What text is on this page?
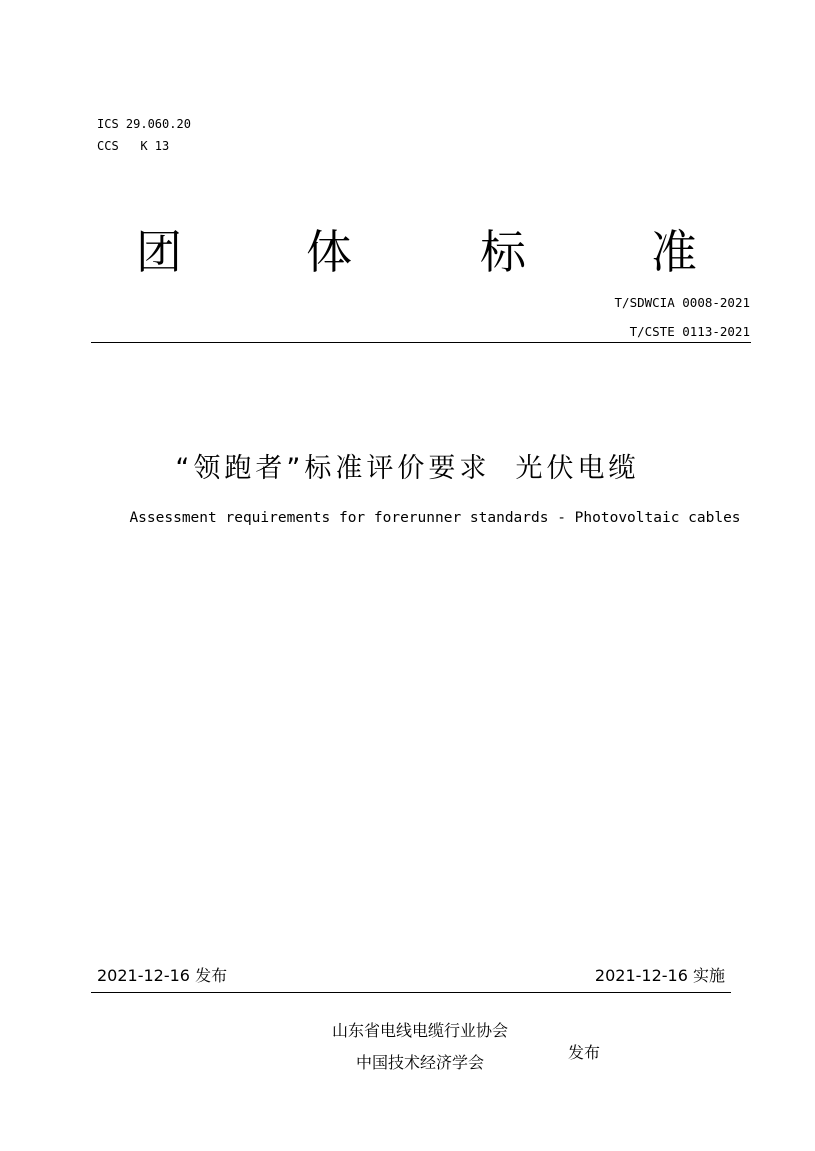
ICS 29.060.20
CCS   K 13
团	体	标	准
T/SDWCIA 0008-2021
T/CSTE 0113-2021
“领跑者”标准评价要求  光伏电缆
Assessment requirements for forerunner standards - Photovoltaic cables
2021-12-16 发布	2021-12-16 实施
山东省电线电缆行业协会
中国技术经济学会
发布
